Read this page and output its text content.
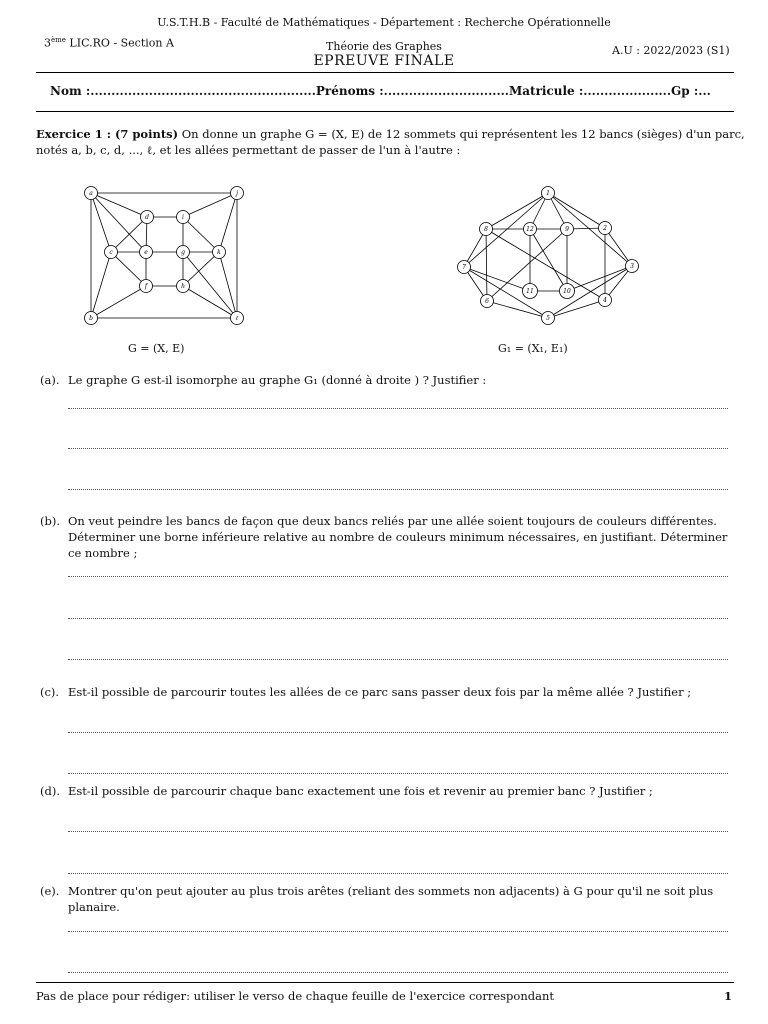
U.S.T.H.B - Faculté de Mathématiques - Département : Recherche Opérationnelle
3ème LIC.RO - Section A	Théorie des Graphes
EPREUVE FINALE
A.U : 2022/2023 (S1)
Nom :......................................................Prénoms :..............................Matricule :.....................Gp :...
Exercice 1 : (7 points) On donne un graphe G = (X, E) de 12 sommets qui représentent les 12 bancs (sièges) d'un parc,
notés a, b, c, d, ..., ℓ, et les allées permettant de passer de l'un à l'autre :
a	j
d	i
c	e	g	k
f	h
b	ℓ
G = (X, E)
1
8	12	9	2
7	3
11	10
6	4
5
G₁ = (X₁, E₁)
(a). Le graphe G est-il isomorphe au graphe G₁ (donné à droite ) ? Justifier :
(b). On veut peindre les bancs de façon que deux bancs reliés par une allée soient toujours de couleurs différentes. Déterminer une borne inférieure relative au nombre de couleurs minimum nécessaires, en justifiant. Déterminer ce nombre ;
(c). Est-il possible de parcourir toutes les allées de ce parc sans passer deux fois par la même allée ? Justifier ;
(d). Est-il possible de parcourir chaque banc exactement une fois et revenir au premier banc ? Justifier ;
(e). Montrer qu'on peut ajouter au plus trois arêtes (reliant des sommets non adjacents) à G pour qu'il ne soit plus planaire.
Pas de place pour rédiger: utiliser le verso de chaque feuille de l'exercice correspondant	1
